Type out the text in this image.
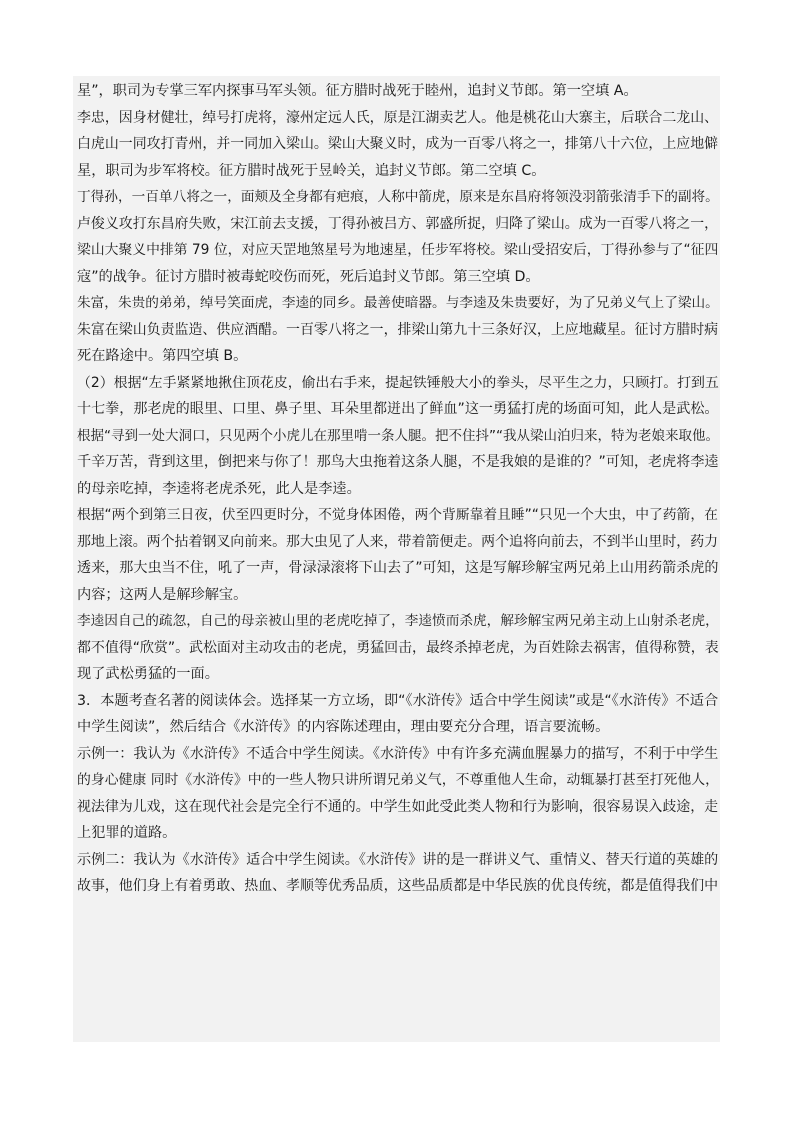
星”，职司为专掌三军内探事马军头领。征方腊时战死于睦州，追封义节郎。第一空填 A。
李忠，因身材健壮，绰号打虎将，濠州定远人氏，原是江湖卖艺人。他是桃花山大寨主，后联合二龙山、
白虎山一同攻打青州，并一同加入梁山。梁山大聚义时，成为一百零八将之一，排第八十六位，上应地僻
星，职司为步军将校。征方腊时战死于昱岭关，追封义节郎。第二空填 C。
丁得孙，一百单八将之一，面颊及全身都有疤痕，人称中箭虎，原来是东昌府将领没羽箭张清手下的副将。
卢俊义攻打东昌府失败，宋江前去支援，丁得孙被吕方、郭盛所捉，归降了梁山。成为一百零八将之一，
梁山大聚义中排第 79 位，对应天罡地煞星号为地速星，任步军将校。梁山受招安后，丁得孙参与了“征四
寇”的战争。征讨方腊时被毒蛇咬伤而死，死后追封义节郎。第三空填 D。
朱富，朱贵的弟弟，绰号笑面虎，李逵的同乡。最善使暗器。与李逵及朱贵要好，为了兄弟义气上了梁山。
朱富在梁山负责监造、供应酒醋。一百零八将之一，排梁山第九十三条好汉，上应地藏星。征讨方腊时病
死在路途中。第四空填 B。
（2）根据“左手紧紧地揪住顶花皮，偷出右手来，提起铁锤般大小的拳头，尽平生之力，只顾打。打到五
十七拳，那老虎的眼里、口里、鼻子里、耳朵里都迸出了鲜血”这一勇猛打虎的场面可知，此人是武松。
根据“寻到一处大洞口，只见两个小虎儿在那里啃一条人腿。把不住抖”“我从梁山泊归来，特为老娘来取他。
千辛万苦，背到这里，倒把来与你了！那鸟大虫拖着这条人腿，不是我娘的是谁的？”可知，老虎将李逵
的母亲吃掉，李逵将老虎杀死，此人是李逵。
根据“两个到第三日夜，伏至四更时分，不觉身体困倦，两个背厮靠着且睡”“只见一个大虫，中了药箭，在
那地上滚。两个拈着钢叉向前来。那大虫见了人来，带着箭便走。两个追将向前去，不到半山里时，药力
透来，那大虫当不住，吼了一声，骨渌渌滚将下山去了”可知，这是写解珍解宝两兄弟上山用药箭杀虎的
内容；这两人是解珍解宝。
李逵因自己的疏忽，自己的母亲被山里的老虎吃掉了，李逵愤而杀虎，解珍解宝两兄弟主动上山射杀老虎，
都不值得“欣赏”。武松面对主动攻击的老虎，勇猛回击，最终杀掉老虎，为百姓除去祸害，值得称赞，表
现了武松勇猛的一面。
3．本题考查名著的阅读体会。选择某一方立场，即“《水浒传》适合中学生阅读”或是“《水浒传》不适合
中学生阅读”，然后结合《水浒传》的内容陈述理由，理由要充分合理，语言要流畅。
示例一：我认为《水浒传》不适合中学生阅读。《水浒传》中有许多充满血腥暴力的描写，不利于中学生
的身心健康 同时《水浒传》中的一些人物只讲所谓兄弟义气，不尊重他人生命，动辄暴打甚至打死他人，
视法律为儿戏，这在现代社会是完全行不通的。中学生如此受此类人物和行为影响，很容易误入歧途，走
上犯罪的道路。
示例二：我认为《水浒传》适合中学生阅读。《水浒传》讲的是一群讲义气、重情义、替天行道的英雄的
故事，他们身上有着勇敢、热血、孝顺等优秀品质，这些品质都是中华民族的优良传统，都是值得我们中
